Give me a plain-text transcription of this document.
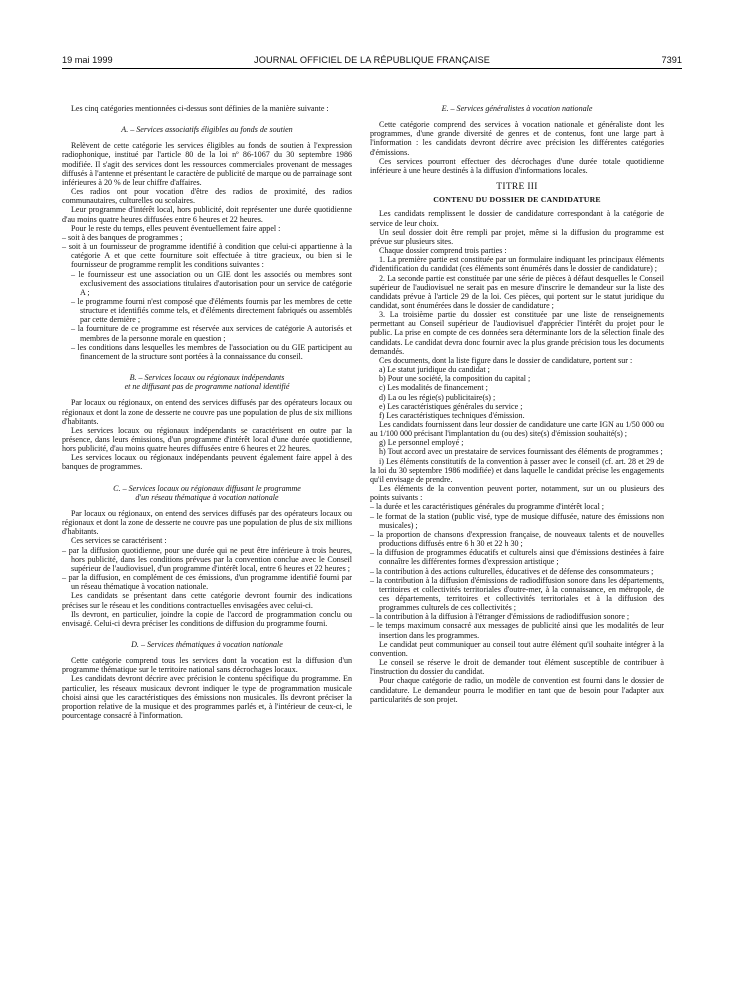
19 mai 1999	JOURNAL OFFICIEL DE LA RÉPUBLIQUE FRANÇAISE	7391

Les cinq catégories mentionnées ci-dessus sont définies de la manière suivante :

A. – Services associatifs éligibles au fonds de soutien

Relèvent de cette catégorie les services éligibles au fonds de soutien à l'expression radiophonique, institué par l'article 80 de la loi nº 86-1067 du 30 septembre 1986 modifiée. Il s'agit des services dont les ressources commerciales provenant de messages diffusés à l'antenne et présentant le caractère de publicité de marque ou de parrainage sont inférieures à 20 % de leur chiffre d'affaires.

Ces radios ont pour vocation d'être des radios de proximité, des radios communautaires, culturelles ou scolaires.

Leur programme d'intérêt local, hors publicité, doit représenter une durée quotidienne d'au moins quatre heures diffusées entre 6 heures et 22 heures.

Pour le reste du temps, elles peuvent éventuellement faire appel :

– soit à des banques de programmes ;
– soit à un fournisseur de programme identifié à condition que celui-ci appartienne à la catégorie A et que cette fourniture soit effectuée à titre gracieux, ou bien si le fournisseur de programme remplit les conditions suivantes :
– le fournisseur est une association ou un GIE dont les associés ou membres sont exclusivement des associations titulaires d'autorisation pour un service de catégorie A ;
– le programme fourni n'est composé que d'éléments fournis par les membres de cette structure et identifiés comme tels, et d'éléments directement fabriqués ou assemblés par cette dernière ;
– la fourniture de ce programme est réservée aux services de catégorie A autorisés et membres de la personne morale en question ;
– les conditions dans lesquelles les membres de l'association ou du GIE participent au financement de la structure sont portées à la connaissance du conseil.

B. – Services locaux ou régionaux indépendants

et ne diffusant pas de programme national identifié

Par locaux ou régionaux, on entend des services diffusés par des opérateurs locaux ou régionaux et dont la zone de desserte ne couvre pas une population de plus de six millions d'habitants.

Les services locaux ou régionaux indépendants se caractérisent en outre par la présence, dans leurs émissions, d'un programme d'intérêt local d'une durée quotidienne, hors publicité, d'au moins quatre heures diffusées entre 6 heures et 22 heures.

Les services locaux ou régionaux indépendants peuvent également faire appel à des banques de programmes.

C. – Services locaux ou régionaux diffusant le programme

d'un réseau thématique à vocation nationale

Par locaux ou régionaux, on entend des services diffusés par des opérateurs locaux ou régionaux et dont la zone de desserte ne couvre pas une population de plus de six millions d'habitants.

Ces services se caractérisent :

– par la diffusion quotidienne, pour une durée qui ne peut être inférieure à trois heures, hors publicité, dans les conditions prévues par la convention conclue avec le Conseil supérieur de l'audiovisuel, d'un programme d'intérêt local, entre 6 heures et 22 heures ;
– par la diffusion, en complément de ces émissions, d'un programme identifié fourni par un réseau thématique à vocation nationale.

Les candidats se présentant dans cette catégorie devront fournir des indications précises sur le réseau et les conditions contractuelles envisagées avec celui-ci.

Ils devront, en particulier, joindre la copie de l'accord de programmation conclu ou envisagé. Celui-ci devra préciser les conditions de diffusion du programme fourni.

D. – Services thématiques à vocation nationale

Cette catégorie comprend tous les services dont la vocation est la diffusion d'un programme thématique sur le territoire national sans décrochages locaux.

Les candidats devront décrire avec précision le contenu spécifique du programme. En particulier, les réseaux musicaux devront indiquer le type de programmation musicale choisi ainsi que les caractéristiques des émissions non musicales. Ils devront préciser la proportion relative de la musique et des programmes parlés et, à l'intérieur de ceux-ci, le pourcentage consacré à l'information.

E. – Services généralistes à vocation nationale

Cette catégorie comprend des services à vocation nationale et généraliste dont les programmes, d'une grande diversité de genres et de contenus, font une large part à l'information : les candidats devront décrire avec précision les différentes catégories d'émissions.

Ces services pourront effectuer des décrochages d'une durée totale quotidienne inférieure à une heure destinés à la diffusion d'informations locales.

TITRE III

CONTENU DU DOSSIER DE CANDIDATURE

Les candidats remplissent le dossier de candidature correspondant à la catégorie de service de leur choix.

Un seul dossier doit être rempli par projet, même si la diffusion du programme est prévue sur plusieurs sites.

Chaque dossier comprend trois parties :

1. La première partie est constituée par un formulaire indiquant les principaux éléments d'identification du candidat (ces éléments sont énumérés dans le dossier de candidature) ;

2. La seconde partie est constituée par une série de pièces à défaut desquelles le Conseil supérieur de l'audiovisuel ne serait pas en mesure d'inscrire le demandeur sur la liste des candidats prévue à l'article 29 de la loi. Ces pièces, qui portent sur le statut juridique du candidat, sont énumérées dans le dossier de candidature ;

3. La troisième partie du dossier est constituée par une liste de renseignements permettant au Conseil supérieur de l'audiovisuel d'apprécier l'intérêt du projet pour le public. La prise en compte de ces données sera déterminante lors de la sélection finale des candidats. Le candidat devra donc fournir avec la plus grande précision tous les documents demandés.

Ces documents, dont la liste figure dans le dossier de candidature, portent sur :

a) Le statut juridique du candidat ;

b) Pour une société, la composition du capital ;

c) Les modalités de financement ;

d) La ou les régie(s) publicitaire(s) ;

e) Les caractéristiques générales du service ;

f) Les caractéristiques techniques d'émission.

Les candidats fournissent dans leur dossier de candidature une carte IGN au 1/50 000 ou au 1/100 000 précisant l'implantation du (ou des) site(s) d'émission souhaité(s) ;

g) Le personnel employé ;

h) Tout accord avec un prestataire de services fournissant des éléments de programmes ;

i) Les éléments constitutifs de la convention à passer avec le conseil (cf. art. 28 et 29 de la loi du 30 septembre 1986 modifiée) et dans laquelle le candidat précise les engagements qu'il envisage de prendre.

Les éléments de la convention peuvent porter, notamment, sur un ou plusieurs des points suivants :

– la durée et les caractéristiques générales du programme d'intérêt local ;
– le format de la station (public visé, type de musique diffusée, nature des émissions non musicales) ;
– la proportion de chansons d'expression française, de nouveaux talents et de nouvelles productions diffusés entre 6 h 30 et 22 h 30 ;
– la diffusion de programmes éducatifs et culturels ainsi que d'émissions destinées à faire connaître les différentes formes d'expression artistique ;
– la contribution à des actions culturelles, éducatives et de défense des consommateurs ;
– la contribution à la diffusion d'émissions de radiodiffusion sonore dans les départements, territoires et collectivités territoriales d'outre-mer, à la connaissance, en métropole, de ces départements, territoires et collectivités territoriales et à la diffusion des programmes culturels de ces collectivités ;
– la contribution à la diffusion à l'étranger d'émissions de radiodiffusion sonore ;
– le temps maximum consacré aux messages de publicité ainsi que les modalités de leur insertion dans les programmes.

Le candidat peut communiquer au conseil tout autre élément qu'il souhaite intégrer à la convention.

Le conseil se réserve le droit de demander tout élément susceptible de contribuer à l'instruction du dossier du candidat.

Pour chaque catégorie de radio, un modèle de convention est fourni dans le dossier de candidature. Le demandeur pourra le modifier en tant que de besoin pour l'adapter aux particularités de son projet.
